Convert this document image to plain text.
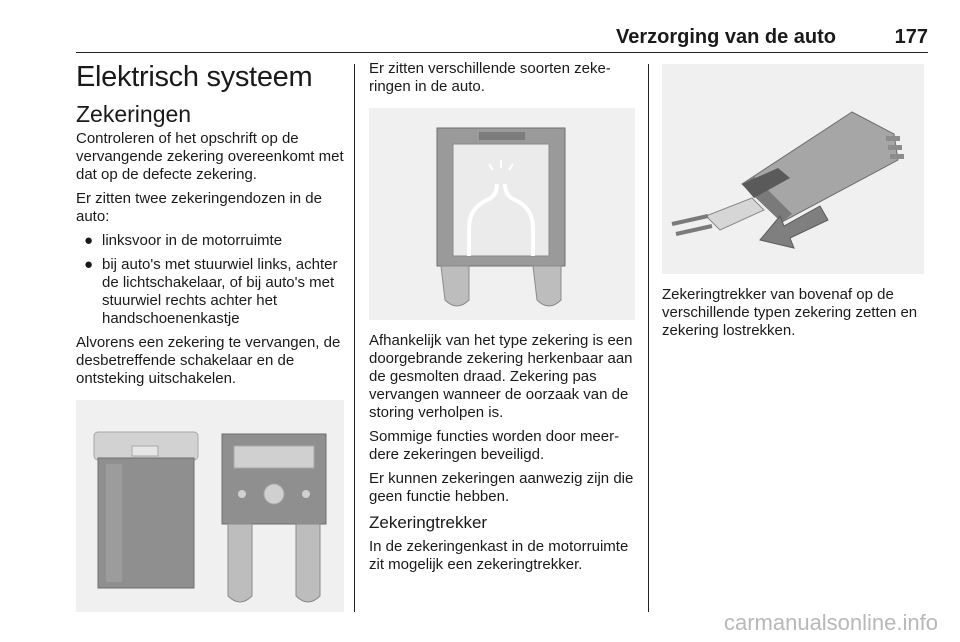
Verzorging van de auto	177
Elektrisch systeem
Zekeringen

Controleren of het opschrift op de vervangende zekering overeenkomt met dat op de defecte zekering.

Er zitten twee zekeringendozen in de auto:

● linksvoor in de motorruimte
● bij auto's met stuurwiel links, achter de lichtschakelaar, of bij auto's met stuurwiel rechts achter het handschoenenkastje

Alvorens een zekering te vervangen, de desbetreffende schakelaar en de ontsteking uitschakelen.

Er zitten verschillende soorten zekeringen in de auto.

Afhankelijk van het type zekering is een doorgebrande zekering herkenbaar aan de gesmolten draad. Zekering pas vervangen wanneer de oorzaak van de storing verholpen is.

Sommige functies worden door meerdere zekeringen beveiligd.

Er kunnen zekeringen aanwezig zijn die geen functie hebben.

Zekeringtrekker

In de zekeringenkast in de motorruimte zit mogelijk een zekeringtrekker.

Zekeringtrekker van bovenaf op de verschillende typen zekering zetten en zekering lostrekken.

carmanualsonline.info
